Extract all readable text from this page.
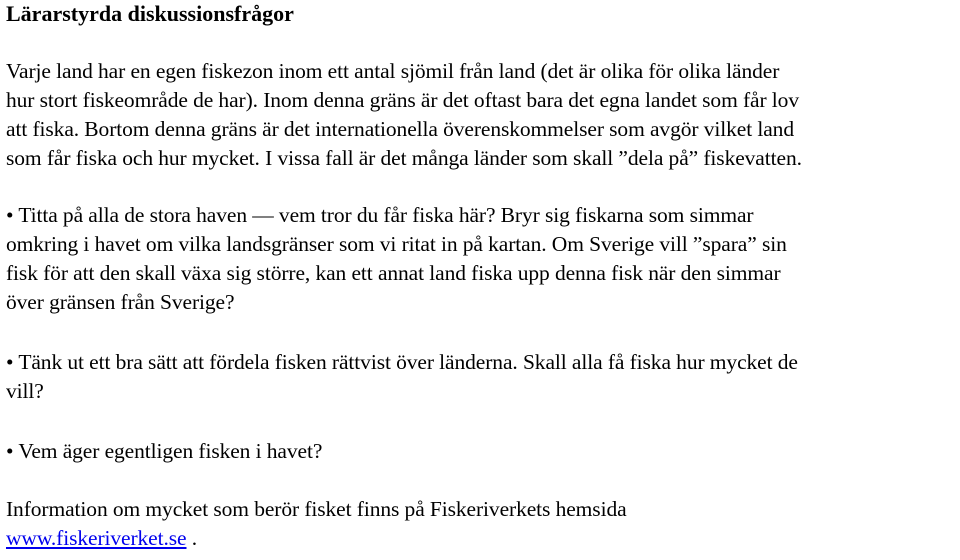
Lärarstyrda diskussionsfrågor
Varje land har en egen fiskezon inom ett antal sjömil från land (det är olika för olika länder
hur stort fiskeområde de har). Inom denna gräns är det oftast bara det egna landet som får lov
att fiska. Bortom denna gräns är det internationella överenskommelser som avgör vilket land
som får fiska och hur mycket. I vissa fall är det många länder som skall ”dela på” fiskevatten.
• Titta på alla de stora haven — vem tror du får fiska här? Bryr sig fiskarna som simmar
omkring i havet om vilka landsgränser som vi ritat in på kartan. Om Sverige vill ”spara” sin
fisk för att den skall växa sig större, kan ett annat land fiska upp denna fisk när den simmar
över gränsen från Sverige?
• Tänk ut ett bra sätt att fördela fisken rättvist över länderna. Skall alla få fiska hur mycket de
vill?
• Vem äger egentligen fisken i havet?
Information om mycket som berör fisket finns på Fiskeriverkets hemsida
www.fiskeriverket.se .
